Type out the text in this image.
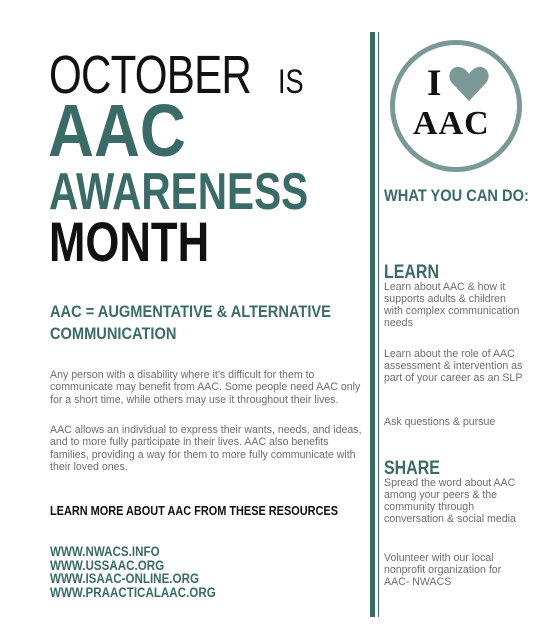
OCTOBER IS
AAC
AWARENESS
MONTH
AAC = AUGMENTATIVE & ALTERNATIVE COMMUNICATION

Any person with a disability where it's difficult for them to communicate may benefit from AAC. Some people need AAC only for a short time, while others may use it throughout their lives.

AAC allows an individual to express their wants, needs, and ideas, and to more fully participate in their lives. AAC also benefits families, providing a way for them to more fully communicate with their loved ones.

LEARN MORE ABOUT AAC FROM THESE RESOURCES
WWW.NWACS.INFO
WWW.USSAAC.ORG
WWW.ISAAC-ONLINE.ORG
WWW.PRAACTICALAAC.ORG
I
AAC
WHAT YOU CAN DO:
LEARN

Learn about AAC & how it supports adults & children with complex communication needs

Learn about the role of AAC assessment & intervention as part of your career as an SLP

Ask questions & pursue

SHARE

Spread the word about AAC among your peers & the community through conversation & social media

Volunteer with our local nonprofit organization for AAC- NWACS
